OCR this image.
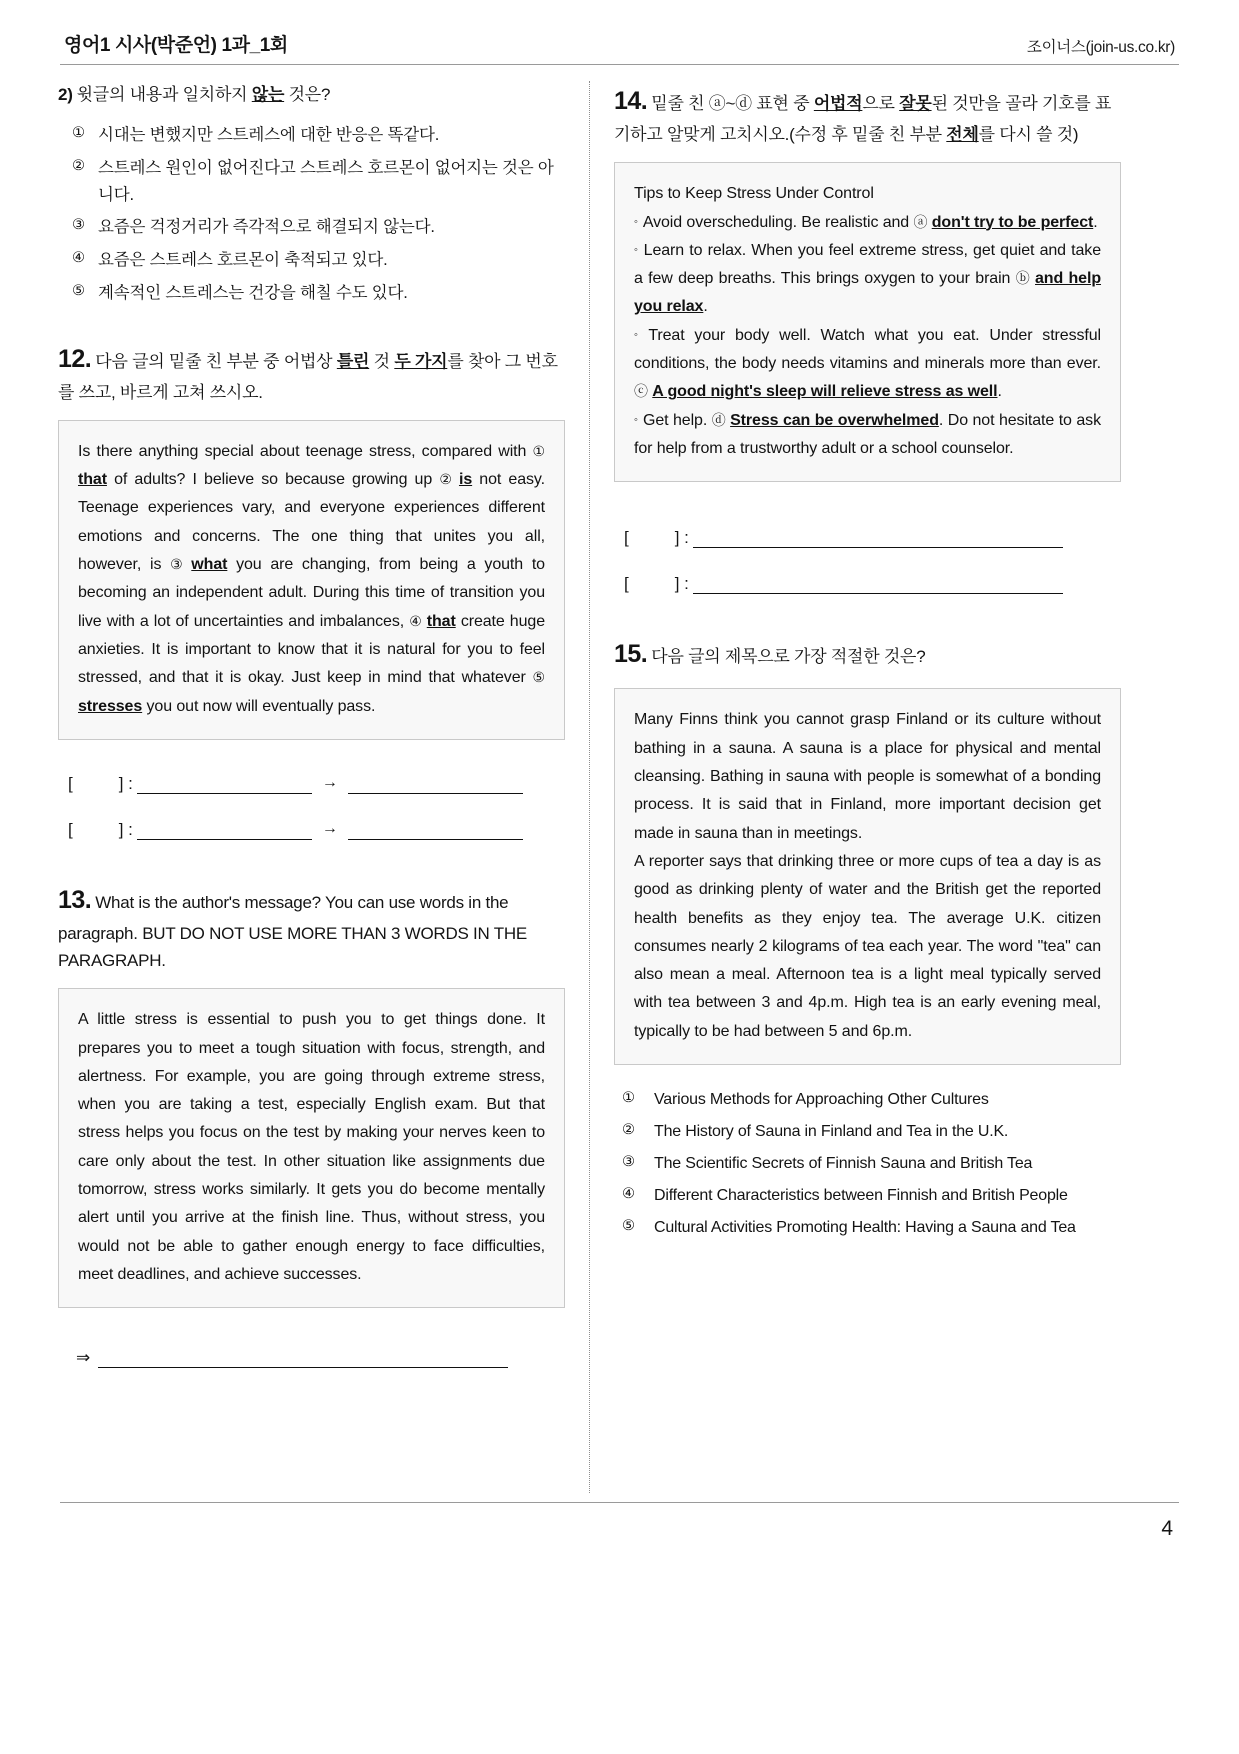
영어1 시사(박준언) 1과_1회	조이너스(join-us.co.kr)
2) 윗글의 내용과 일치하지 않는 것은?
① 시대는 변했지만 스트레스에 대한 반응은 똑같다.
② 스트레스 원인이 없어진다고 스트레스 호르몬이 없어지는 것은 아니다.
③ 요즘은 걱정거리가 즉각적으로 해결되지 않는다.
④ 요즘은 스트레스 호르몬이 축적되고 있다.
⑤ 계속적인 스트레스는 건강을 해칠 수도 있다.
12. 다음 글의 밑줄 친 부분 중 어법상 틀린 것 두 가지를 찾아 그 번호를 쓰고, 바르게 고쳐 쓰시오.

Is there anything special about teenage stress, compared with ① that of adults? I believe so because growing up ② is not easy. Teenage experiences vary, and everyone experiences different emotions and concerns. The one thing that unites you all, however, is ③ what you are changing, from being a youth to becoming an independent adult. During this time of transition you live with a lot of uncertainties and imbalances, ④ that create huge anxieties. It is important to know that it is natural for you to feel stressed, and that it is okay. Just keep in mind that whatever ⑤ stresses you out now will eventually pass.

[	] :	→
[	] :	→
13. What is the author's message? You can use words in the paragraph. BUT DO NOT USE MORE THAN 3 WORDS IN THE PARAGRAPH.

A little stress is essential to push you to get things done. It prepares you to meet a tough situation with focus, strength, and alertness. For example, you are going through extreme stress, when you are taking a test, especially English exam. But that stress helps you focus on the test by making your nerves keen to care only about the test. In other situation like assignments due tomorrow, stress works similarly. It gets you do become mentally alert until you arrive at the finish line. Thus, without stress, you would not be able to gather enough energy to face difficulties, meet deadlines, and achieve successes.

⇒
14. 밑줄 친 ⓐ~ⓓ 표현 중 어법적으로 잘못된 것만을 골라 기호를 표기하고 알맞게 고치시오.(수정 후 밑줄 친 부분 전체를 다시 쓸 것)

Tips to Keep Stress Under Control

◦ Avoid overscheduling. Be realistic and ⓐ don't try to be perfect.

◦ Learn to relax. When you feel extreme stress, get quiet and take a few deep breaths. This brings oxygen to your brain ⓑ and help you relax.

◦ Treat your body well. Watch what you eat. Under stressful conditions, the body needs vitamins and minerals more than ever. ⓒ A good night's sleep will relieve stress as well.

◦ Get help. ⓓ Stress can be overwhelmed. Do not hesitate to ask for help from a trustworthy adult or a school counselor.

[	] :
[	] :
15. 다음 글의 제목으로 가장 적절한 것은?

Many Finns think you cannot grasp Finland or its culture without bathing in a sauna. A sauna is a place for physical and mental cleansing. Bathing in sauna with people is somewhat of a bonding process. It is said that in Finland, more important decision get made in sauna than in meetings.

A reporter says that drinking three or more cups of tea a day is as good as drinking plenty of water and the British get the reported health benefits as they enjoy tea. The average U.K. citizen consumes nearly 2 kilograms of tea each year. The word "tea" can also mean a meal. Afternoon tea is a light meal typically served with tea between 3 and 4p.m. High tea is an early evening meal, typically to be had between 5 and 6p.m.

①	Various Methods for Approaching Other Cultures
②	The History of Sauna in Finland and Tea in the U.K.
③	The Scientific Secrets of Finnish Sauna and British Tea
④	Different Characteristics between Finnish and British People
⑤	Cultural Activities Promoting Health: Having a Sauna and Tea
4
